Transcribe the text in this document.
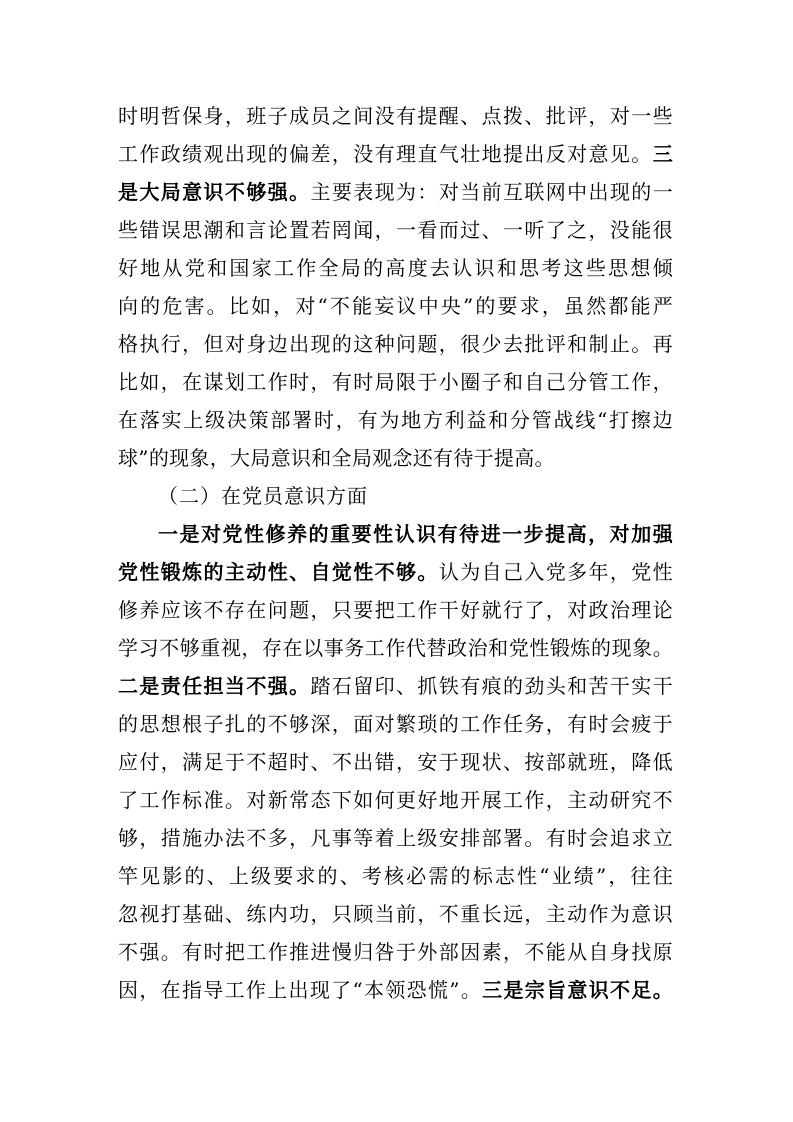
时明哲保身，班子成员之间没有提醒、点拨、批评，对一些
工作政绩观出现的偏差，没有理直气壮地提出反对意见。三
是大局意识不够强。主要表现为：对当前互联网中出现的一
些错误思潮和言论置若罔闻，一看而过、一听了之，没能很
好地从党和国家工作全局的高度去认识和思考这些思想倾
向的危害。比如，对“不能妄议中央”的要求，虽然都能严
格执行，但对身边出现的这种问题，很少去批评和制止。再
比如，在谋划工作时，有时局限于小圈子和自己分管工作，
在落实上级决策部署时，有为地方利益和分管战线“打擦边
球”的现象，大局意识和全局观念还有待于提高。
（二）在党员意识方面
一是对党性修养的重要性认识有待进一步提高，对加强
党性锻炼的主动性、自觉性不够。认为自己入党多年，党性
修养应该不存在问题，只要把工作干好就行了，对政治理论
学习不够重视，存在以事务工作代替政治和党性锻炼的现象。
二是责任担当不强。踏石留印、抓铁有痕的劲头和苦干实干
的思想根子扎的不够深，面对繁琐的工作任务，有时会疲于
应付，满足于不超时、不出错，安于现状、按部就班，降低
了工作标准。对新常态下如何更好地开展工作，主动研究不
够，措施办法不多，凡事等着上级安排部署。有时会追求立
竿见影的、上级要求的、考核必需的标志性“业绩”，往往
忽视打基础、练内功，只顾当前，不重长远，主动作为意识
不强。有时把工作推进慢归咎于外部因素，不能从自身找原
因，在指导工作上出现了“本领恐慌”。三是宗旨意识不足。
